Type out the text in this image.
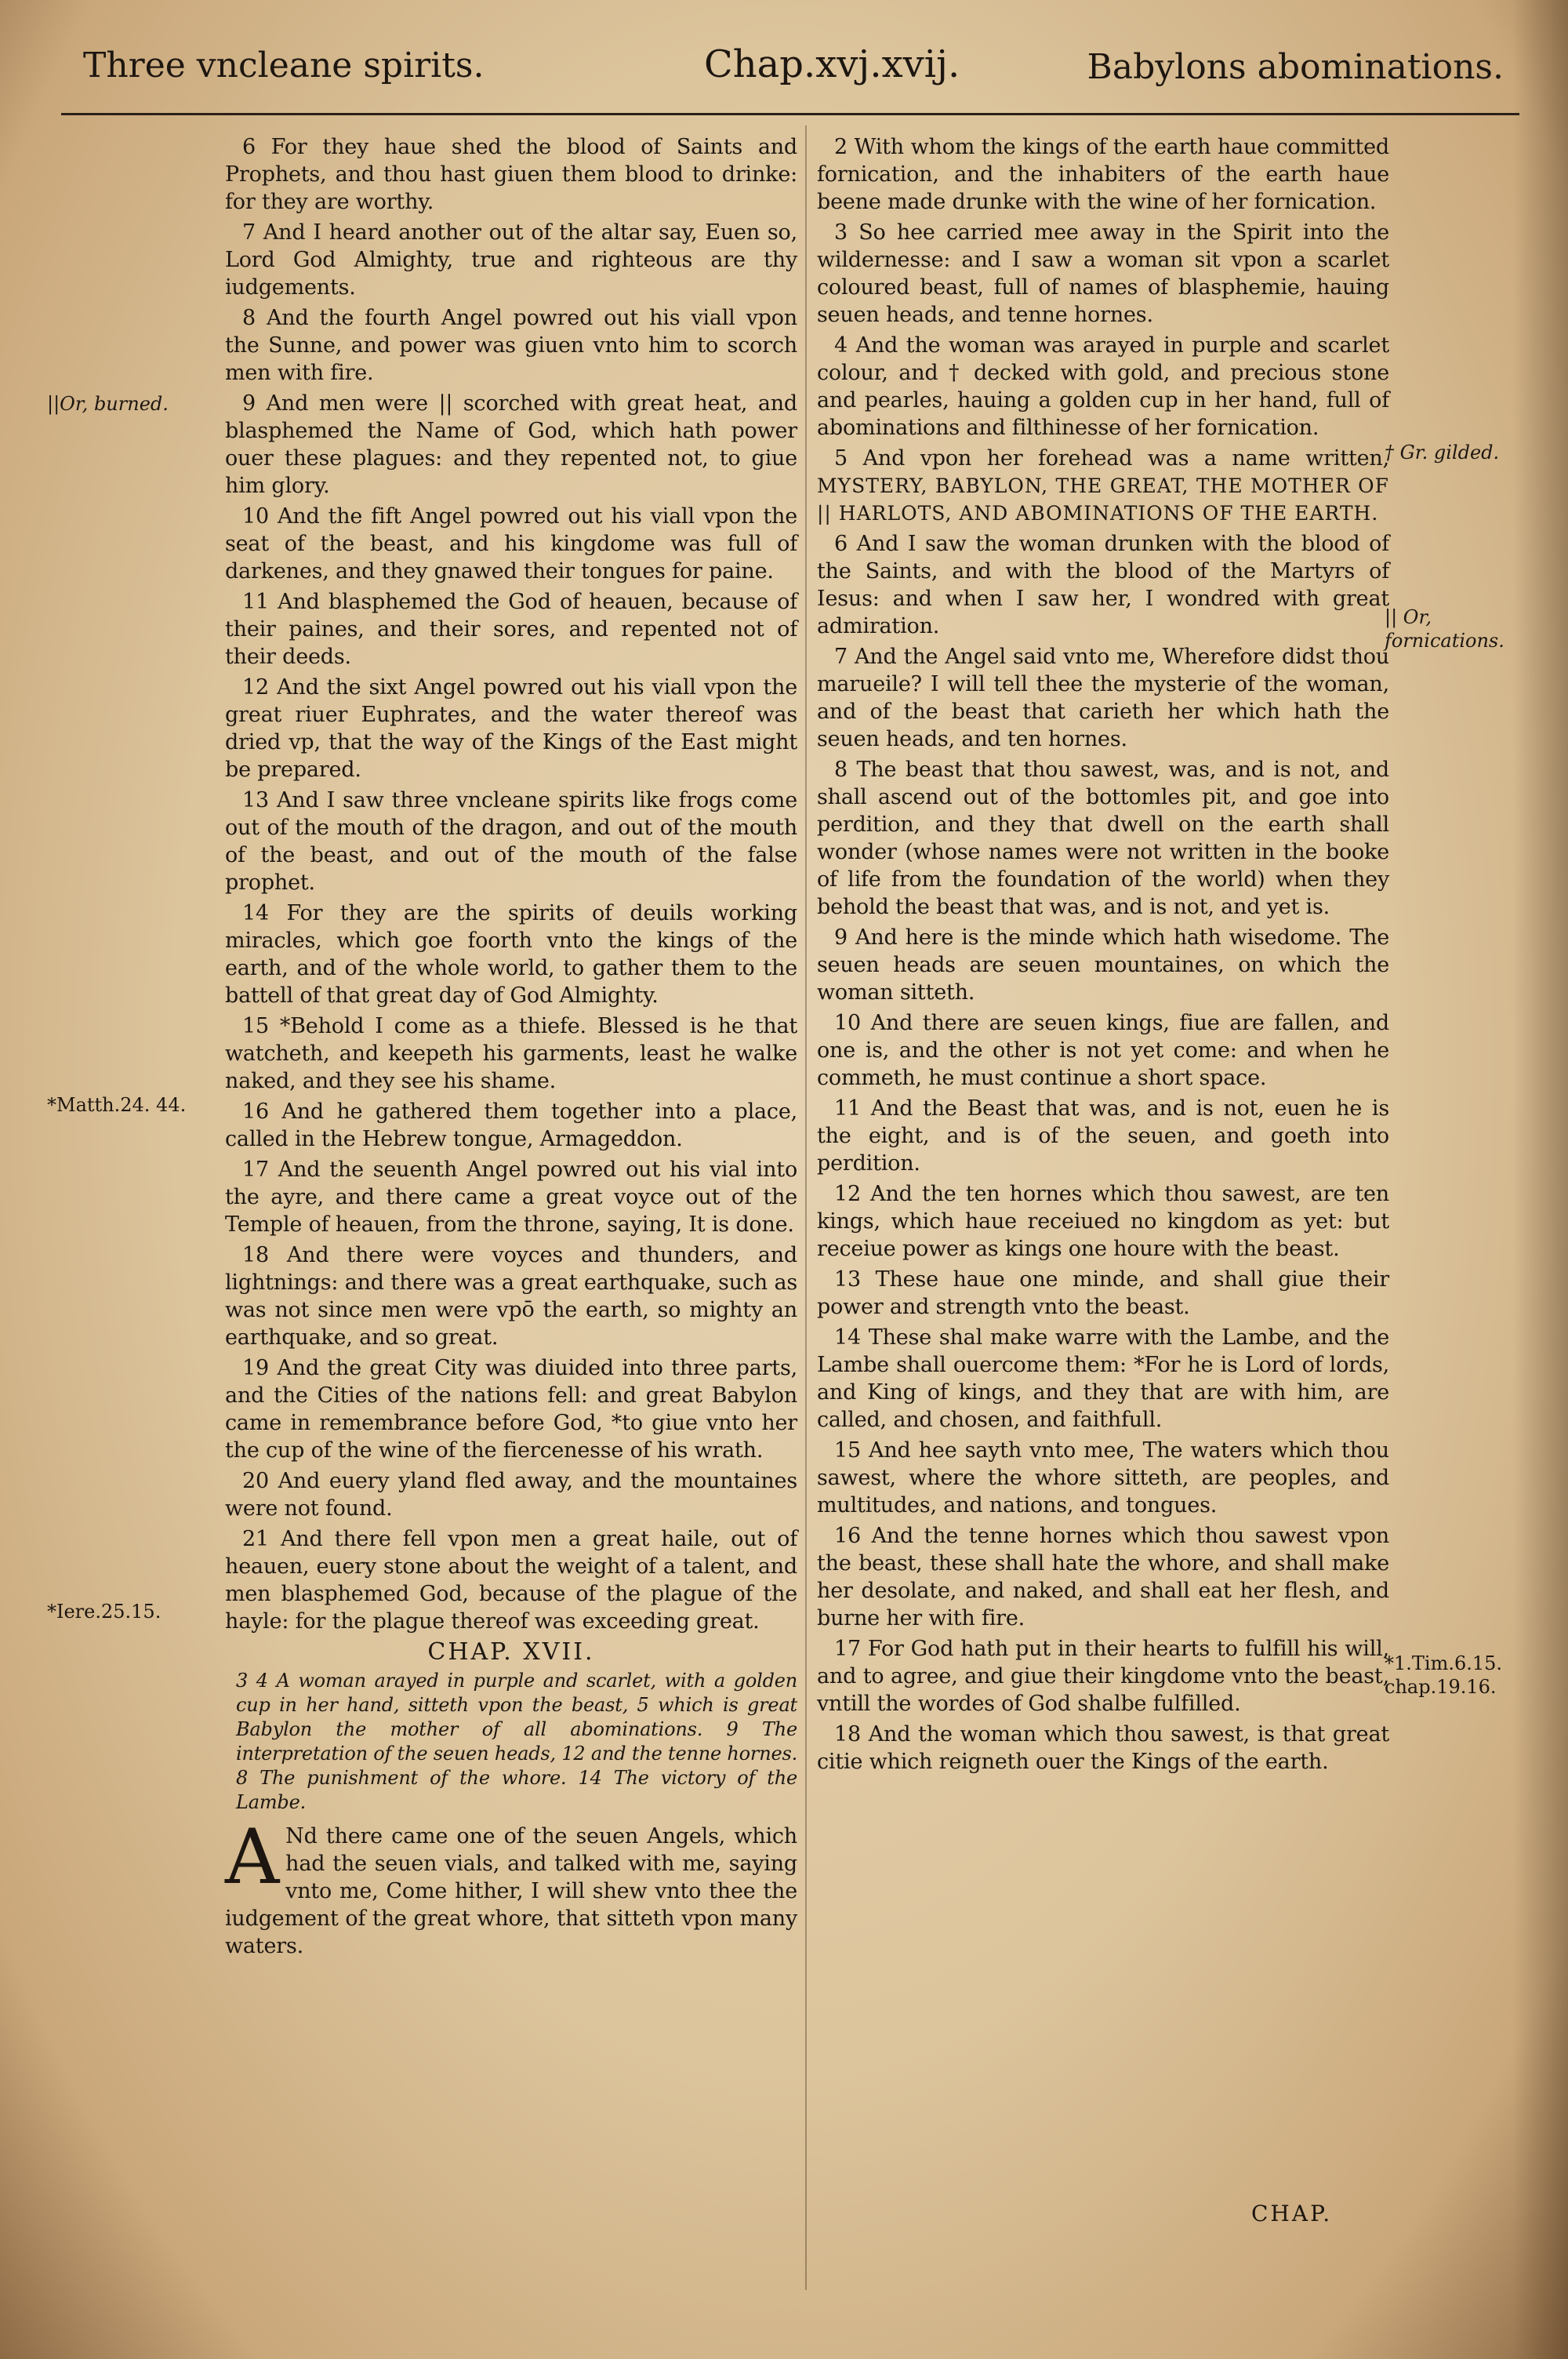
Three vncleane spirits.	Chap.xvj.xvij.	Babylons abominations.
||Or, burned.
*Matth.24. 44.
*Iere.25.15.
† Gr. gilded.
|| Or, fornications.
*1.Tim.6.15. chap.19.16.

6 For they haue shed the blood of Saints and Prophets, and thou hast giuen them blood to drinke: for they are worthy.

7 And I heard another out of the altar say, Euen so, Lord God Almighty, true and righteous are thy iudgements.

8 And the fourth Angel powred out his viall vpon the Sunne, and power was giuen vnto him to scorch men with fire.

9 And men were || scorched with great heat, and blasphemed the Name of God, which hath power ouer these plagues: and they repented not, to giue him glory.

10 And the fift Angel powred out his viall vpon the seat of the beast, and his kingdome was full of darkenes, and they gnawed their tongues for paine.

11 And blasphemed the God of heauen, because of their paines, and their sores, and repented not of their deeds.

12 And the sixt Angel powred out his viall vpon the great riuer Euphrates, and the water thereof was dried vp, that the way of the Kings of the East might be prepared.

13 And I saw three vncleane spirits like frogs come out of the mouth of the dragon, and out of the mouth of the beast, and out of the mouth of the false prophet.

14 For they are the spirits of deuils working miracles, which goe foorth vnto the kings of the earth, and of the whole world, to gather them to the battell of that great day of God Almighty.

15 *Behold I come as a thiefe. Blessed is he that watcheth, and keepeth his garments, least he walke naked, and they see his shame.

16 And he gathered them together into a place, called in the Hebrew tongue, Armageddon.

17 And the seuenth Angel powred out his vial into the ayre, and there came a great voyce out of the Temple of heauen, from the throne, saying, It is done.

18 And there were voyces and thunders, and lightnings: and there was a great earthquake, such as was not since men were vpō the earth, so mighty an earthquake, and so great.

19 And the great City was diuided into three parts, and the Cities of the nations fell: and great Babylon came in remembrance before God, *to giue vnto her the cup of the wine of the fiercenesse of his wrath.

20 And euery yland fled away, and the mountaines were not found.

21 And there fell vpon men a great haile, out of heauen, euery stone about the weight of a talent, and men blasphemed God, because of the plague of the hayle: for the plague thereof was exceeding great.

CHAP. XVII.
3 4 A woman arayed in purple and scarlet, with a golden cup in her hand, sitteth vpon the beast, 5 which is great Babylon the mother of all abominations. 9 The interpretation of the seuen heads, 12 and the tenne hornes. 8 The punishment of the whore. 14 The victory of the Lambe.

A Nd there came one of the seuen Angels, which had the seuen vials, and talked with me, saying vnto me, Come hither, I will shew vnto thee the iudgement of the great whore, that sitteth vpon many waters.

2 With whom the kings of the earth haue committed fornication, and the inhabiters of the earth haue beene made drunke with the wine of her fornication.

3 So hee carried mee away in the Spirit into the wildernesse: and I saw a woman sit vpon a scarlet coloured beast, full of names of blasphemie, hauing seuen heads, and tenne hornes.

4 And the woman was arayed in purple and scarlet colour, and † decked with gold, and precious stone and pearles, hauing a golden cup in her hand, full of abominations and filthinesse of her fornication.

5 And vpon her forehead was a name written, MYSTERY, BABYLON, THE GREAT, THE MOTHER OF || HARLOTS, AND ABOMINATIONS OF THE EARTH.

6 And I saw the woman drunken with the blood of the Saints, and with the blood of the Martyrs of Iesus: and when I saw her, I wondred with great admiration.

7 And the Angel said vnto me, Wherefore didst thou marueile? I will tell thee the mysterie of the woman, and of the beast that carieth her which hath the seuen heads, and ten hornes.

8 The beast that thou sawest, was, and is not, and shall ascend out of the bottomles pit, and goe into perdition, and they that dwell on the earth shall wonder (whose names were not written in the booke of life from the foundation of the world) when they behold the beast that was, and is not, and yet is.

9 And here is the minde which hath wisedome. The seuen heads are seuen mountaines, on which the woman sitteth.

10 And there are seuen kings, fiue are fallen, and one is, and the other is not yet come: and when he commeth, he must continue a short space.

11 And the Beast that was, and is not, euen he is the eight, and is of the seuen, and goeth into perdition.

12 And the ten hornes which thou sawest, are ten kings, which haue receiued no kingdom as yet: but receiue power as kings one houre with the beast.

13 These haue one minde, and shall giue their power and strength vnto the beast.

14 These shal make warre with the Lambe, and the Lambe shall ouercome them: *For he is Lord of lords, and King of kings, and they that are with him, are called, and chosen, and faithfull.

15 And hee sayth vnto mee, The waters which thou sawest, where the whore sitteth, are peoples, and multitudes, and nations, and tongues.

16 And the tenne hornes which thou sawest vpon the beast, these shall hate the whore, and shall make her desolate, and naked, and shall eat her flesh, and burne her with fire.

17 For God hath put in their hearts to fulfill his will, and to agree, and giue their kingdome vnto the beast, vntill the wordes of God shalbe fulfilled.

18 And the woman which thou sawest, is that great citie which reigneth ouer the Kings of the earth.

CHAP.
